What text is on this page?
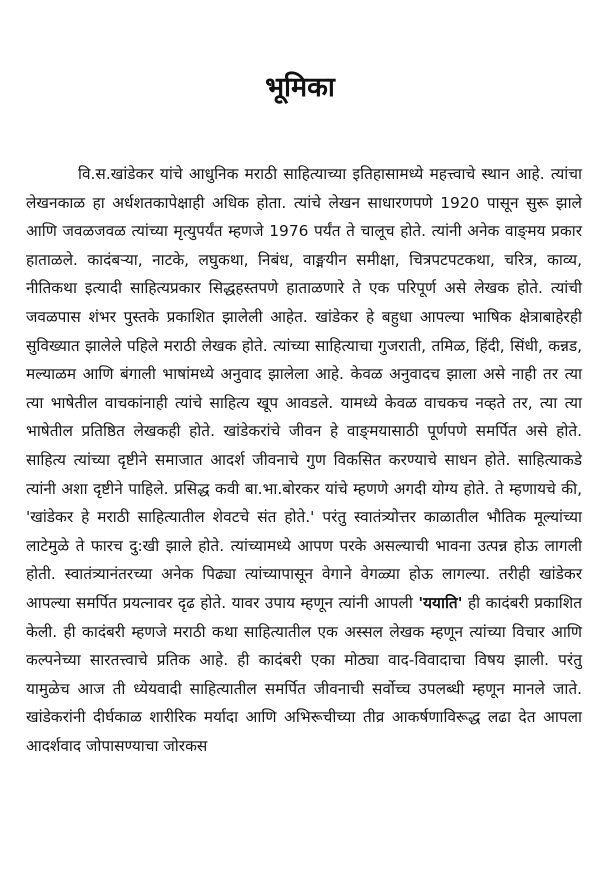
भूमिका

वि.स.खांडेकर यांचे आधुनिक मराठी साहित्याच्या इतिहासामध्ये महत्त्वाचे स्थान आहे. त्यांचा लेखनकाळ हा अर्धशतकापेक्षाही अधिक होता. त्यांचे लेखन साधारणपणे 1920 पासून सुरू झाले आणि जवळजवळ त्यांच्या मृत्युपर्यंत म्हणजे 1976 पर्यंत ते चालूच होते. त्यांनी अनेक वाङ्‌मय प्रकार हाताळले. कादंबऱ्या, नाटके, लघुकथा, निबंध, वाङ्मयीन समीक्षा, चित्रपटपटकथा, चरित्र, काव्य, नीतिकथा इत्यादी साहित्यप्रकार सिद्धहस्तपणे हाताळणारे ते एक परिपूर्ण असे लेखक होते. त्यांची जवळपास शंभर पुस्तके प्रकाशित झालेली आहेत. खांडेकर हे बहुधा आपल्या भाषिक क्षेत्राबाहेरही सुविख्यात झालेले पहिले मराठी लेखक होते. त्यांच्या साहित्याचा गुजराती, तमिळ, हिंदी, सिंधी, कन्नड, मल्याळम आणि बंगाली भाषांमध्ये अनुवाद झालेला आहे. केवळ अनुवादच झाला असे नाही तर त्या त्या भाषेतील वाचकांनाही त्यांचे साहित्य खूप आवडले. यामध्ये केवळ वाचकच नव्हते तर, त्या त्या भाषेतील प्रतिष्ठित लेखकही होते. खांडेकरांचे जीवन हे वाङ्‌मयासाठी पूर्णपणे समर्पित असे होते. साहित्य त्यांच्या दृष्टीने समाजात आदर्श जीवनाचे गुण विकसित करण्याचे साधन होते. साहित्याकडे त्यांनी अशा दृष्टीने पाहिले. प्रसिद्ध कवी बा.भा.बोरकर यांचे म्हणणे अगदी योग्य होते. ते म्हणायचे की, 'खांडेकर हे मराठी साहित्यातील शेवटचे संत होते.' परंतु स्वातंत्र्योत्तर काळातील भौतिक मूल्यांच्या लाटेमुळे ते फारच दु:खी झाले होते. त्यांच्यामध्ये आपण परके असल्याची भावना उत्पन्न होऊ लागली होती. स्वातंत्र्यानंतरच्या अनेक पिढ्या त्यांच्यापासून वेगाने वेगळ्या होऊ लागल्या. तरीही खांडेकर आपल्या समर्पित प्रयत्नावर दृढ होते. यावर उपाय म्हणून त्यांनी आपली 'ययाति' ही कादंबरी प्रकाशित केली. ही कादंबरी म्हणजे मराठी कथा साहित्यातील एक अस्सल लेखक म्हणून त्यांच्या विचार आणि कल्पनेच्या सारतत्त्वाचे प्रतिक आहे. ही कादंबरी एका मोठ्या वाद-विवादाचा विषय झाली. परंतु यामुळेच आज ती ध्येयवादी साहित्यातील समर्पित जीवनाची सर्वोच्च उपलब्धी म्हणून मानले जाते. खांडेकरांनी दीर्घकाळ शारीरिक मर्यादा आणि अभिरूचीच्या तीव्र आकर्षणाविरूद्ध लढा देत आपला आदर्शवाद जोपासण्याचा जोरकस
